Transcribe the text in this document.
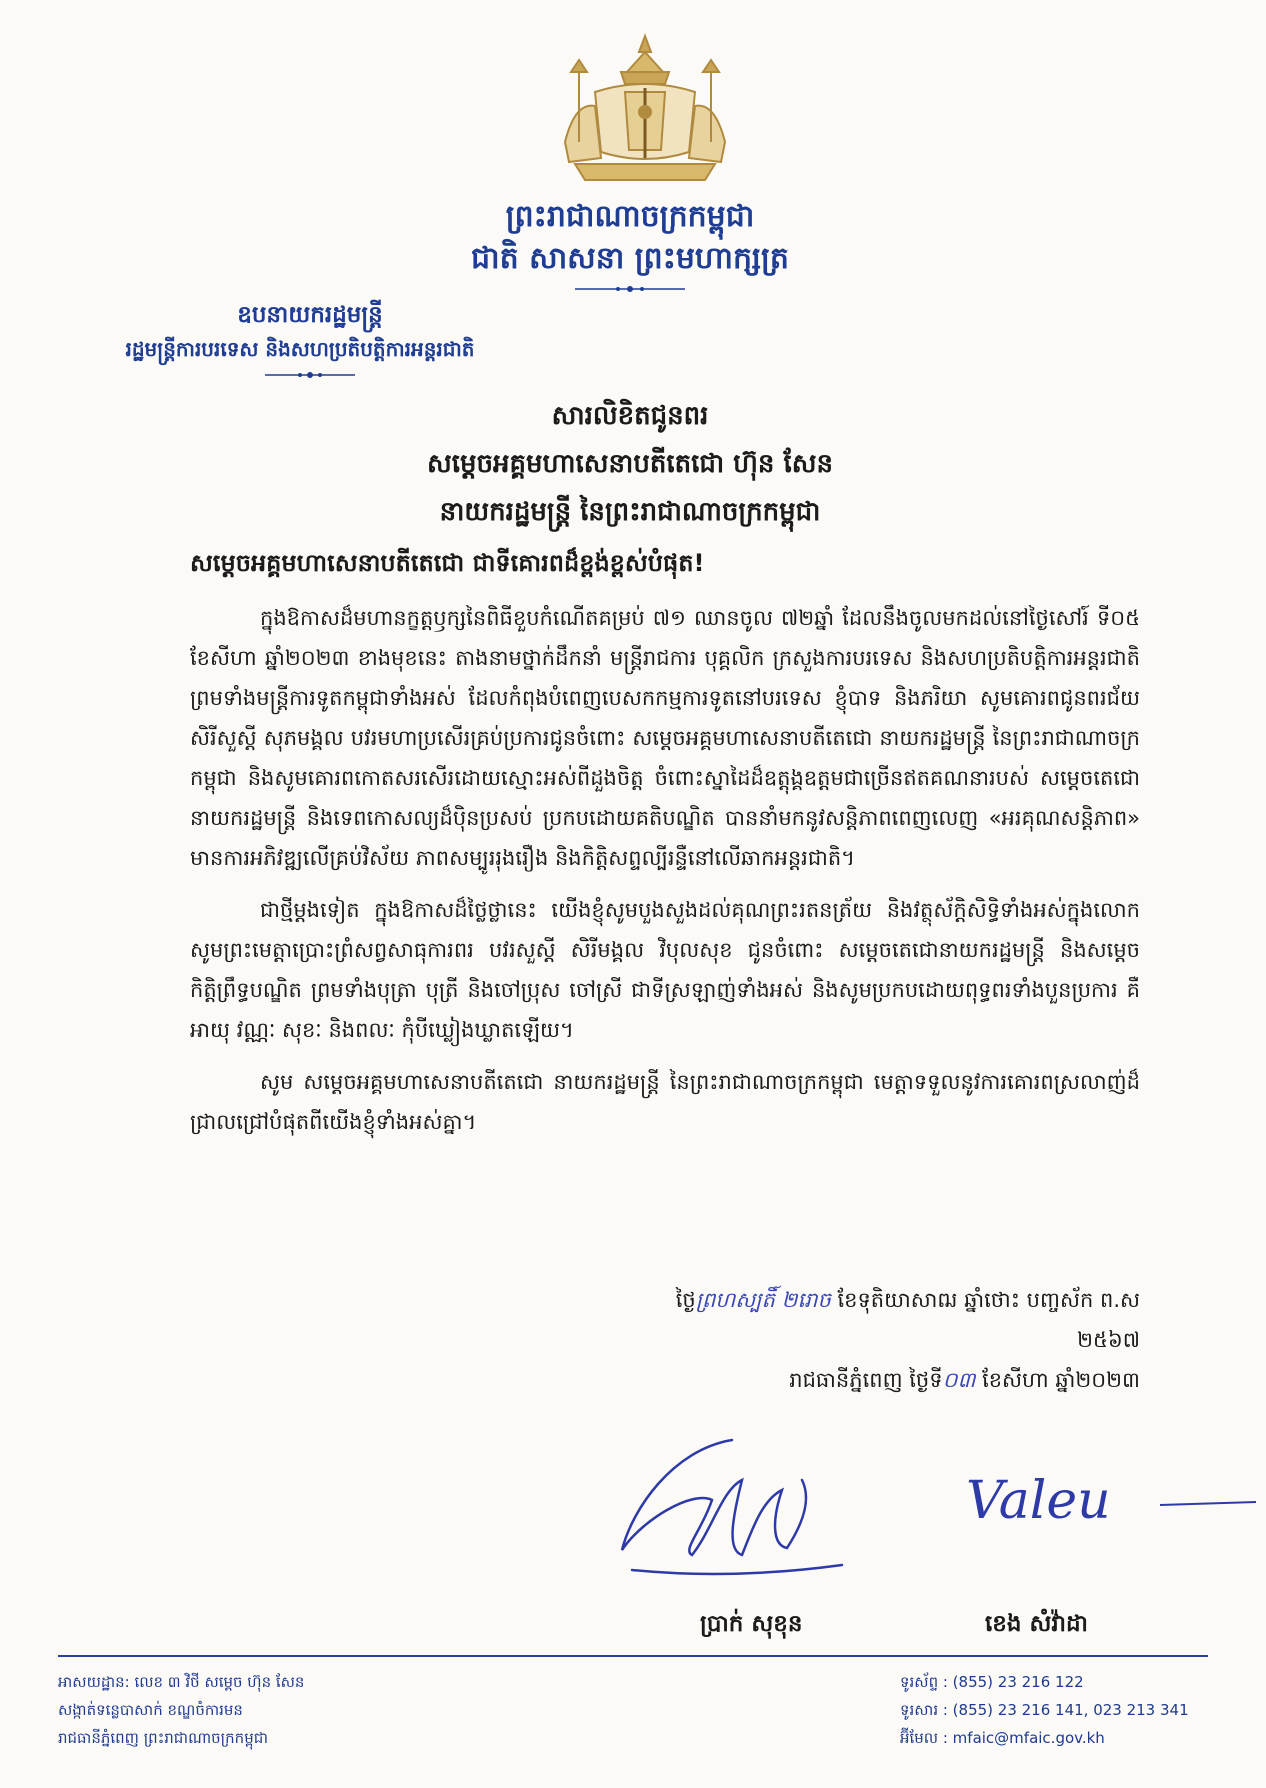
ព្រះរាជាណាចក្រកម្ពុជា
ជាតិ សាសនា ព្រះមហាក្សត្រ
ឧបនាយករដ្ឋមន្ត្រី
រដ្ឋមន្ត្រីការបរទេស និងសហប្រតិបត្តិការអន្តរជាតិ
សារលិខិតជូនពរ
សម្តេចអគ្គមហាសេនាបតីតេជោ ហ៊ុន សែន
នាយករដ្ឋមន្ត្រី នៃព្រះរាជាណាចក្រកម្ពុជា
សម្តេចអគ្គមហាសេនាបតីតេជោ ជាទីគោរពដ៏ខ្ពង់ខ្ពស់បំផុត!

ក្នុងឱកាសដ៏មហានក្ខត្តឫក្សនៃពិធីខួបកំណើតគម្រប់ ៧១ ឈានចូល ៧២ឆ្នាំ ដែលនឹងចូលមកដល់នៅថ្ងៃសៅរ៍ ទី០៥ ខែសីហា ឆ្នាំ២០២៣ ខាងមុខនេះ តាងនាមថ្នាក់ដឹកនាំ មន្ត្រីរាជការ បុគ្គលិក ក្រសួងការបរទេស និងសហប្រតិបត្តិការអន្តរជាតិ ព្រមទាំងមន្ត្រីការទូតកម្ពុជាទាំងអស់ ដែលកំពុងបំពេញបេសកកម្មការទូតនៅបរទេស ខ្ញុំបាទ និងភរិយា សូមគោរពជូនពរជ័យ សិរីសួស្តី សុភមង្គល បវរមហាប្រសើរគ្រប់ប្រការជូនចំពោះ សម្តេចអគ្គមហាសេនាបតីតេជោ នាយករដ្ឋមន្ត្រី នៃព្រះរាជាណាចក្រកម្ពុជា និងសូមគោរពកោតសរសើរដោយស្មោះអស់ពីដួងចិត្ត ចំពោះស្នាដៃដ៏ឧត្តុង្គឧត្តមជាច្រើនឥតគណនារបស់ សម្តេចតេជោនាយករដ្ឋមន្ត្រី និងទេពកោសល្យដ៏ប៉ិនប្រសប់ ប្រកបដោយគតិបណ្ឌិត បាននាំមកនូវសន្តិភាពពេញលេញ «អរគុណសន្តិភាព» មានការអភិវឌ្ឍលើគ្រប់វិស័យ ភាពសម្បូររុងរឿង និងកិត្តិសព្ទល្បីរន្ទឺនៅលើឆាកអន្តរជាតិ។

ជាថ្មីម្តងទៀត ក្នុងឱកាសដ៏ថ្លៃថ្លានេះ យើងខ្ញុំសូមបួងសួងដល់គុណព្រះរតនត្រ័យ និងវត្ថុស័ក្តិសិទ្ធិទាំងអស់ក្នុងលោក សូមព្រះមេត្តាប្រោះព្រំសព្វសាធុការពរ បវរសួស្តី សិរីមង្គល វិបុលសុខ ជូនចំពោះ សម្តេចតេជោនាយករដ្ឋមន្ត្រី និងសម្តេចកិត្តិព្រឹទ្ធបណ្ឌិត ព្រមទាំងបុត្រា បុត្រី និងចៅប្រុស ចៅស្រី ជាទីស្រឡាញ់ទាំងអស់ និងសូមប្រកបដោយពុទ្ធពរទាំងបួនប្រការ គឺអាយុ វណ្ណៈ សុខៈ និងពលៈ កុំបីឃ្លៀងឃ្លាតឡើយ។

សូម សម្តេចអគ្គមហាសេនាបតីតេជោ នាយករដ្ឋមន្ត្រី នៃព្រះរាជាណាចក្រកម្ពុជា មេត្តាទទួលនូវការគោរពស្រលាញ់ដ៏ជ្រាលជ្រៅបំផុតពីយើងខ្ញុំទាំងអស់គ្នា។

ថ្ងៃព្រហស្បតិ៍ ២រោច ខែទុតិយាសាឍ ឆ្នាំថោះ បញ្ចស័ក ព.ស ២៥៦៧
រាជធានីភ្នំពេញ ថ្ងៃទី០៣ ខែសីហា ឆ្នាំ២០២៣
Valeu
ប្រាក់ សុខុន	ខេង សំវ៉ាដា
អាសយដ្ឋាន: លេខ ៣ វិថី សម្តេច ហ៊ុន សែន
សង្កាត់ទន្លេបាសាក់ ខណ្ឌចំការមន
រាជធានីភ្នំពេញ ព្រះរាជាណាចក្រកម្ពុជា
ទូរស័ព្ទ : (855) 23 216 122
ទូរសារ : (855) 23 216 141, 023 213 341
អ៊ីមែល : mfaic@mfaic.gov.kh
